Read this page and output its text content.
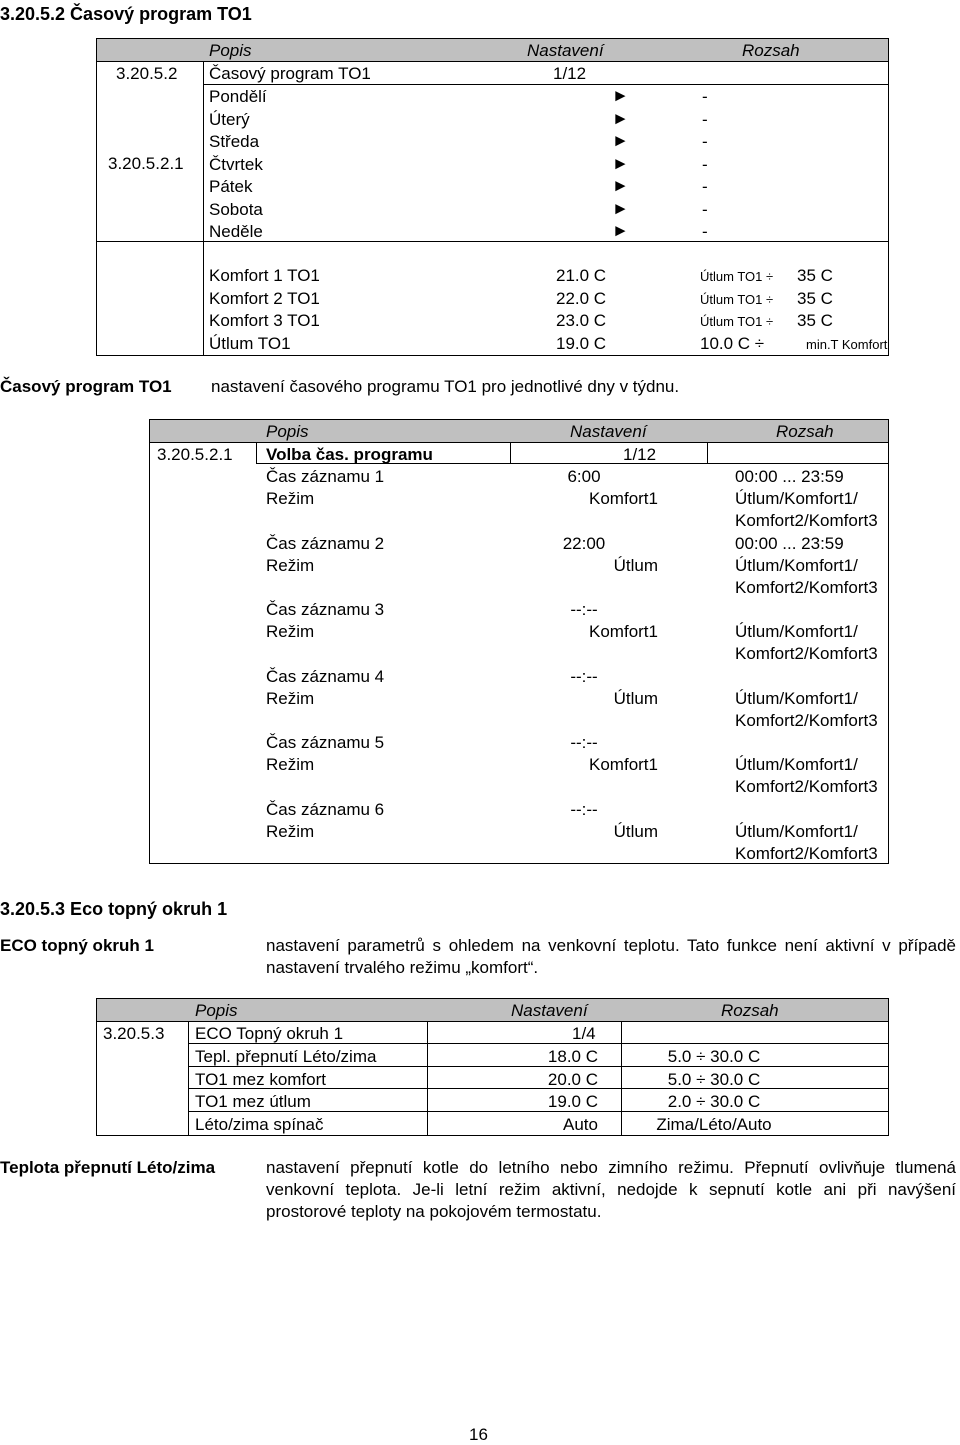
3.20.5.2 Časový program TO1
Popis	Nastavení	Rozsah
3.20.5.2 Časový program TO1	1/12
3.20.5.2.1
Pondělí	►	-
Úterý	►	-
Středa	►	-
Čtvrtek	►	-
Pátek	►	-
Sobota	►	-
Neděle	►	-
Komfort 1 TO1	21.0 C	Útlum TO1 ÷ 35 C
Komfort 2 TO1	22.0 C	Útlum TO1 ÷ 35 C
Komfort 3 TO1	23.0 C	Útlum TO1 ÷ 35 C
Útlum TO1	19.0 C	10.0 C ÷	min.T Komfort
Časový program TO1 nastavení časového programu TO1 pro jednotlivé dny v týdnu.
Popis	Nastavení	Rozsah
3.20.5.2.1 Volba čas. programu	1/12
Čas záznamu 1	6:00	00:00 ... 23:59
Režim	Komfort1	Útlum/Komfort1/
Komfort2/Komfort3
Čas záznamu 2	22:00	00:00 ... 23:59
Režim	Útlum	Útlum/Komfort1/
Komfort2/Komfort3
Čas záznamu 3	--:--
Režim	Komfort1	Útlum/Komfort1/
Komfort2/Komfort3
Čas záznamu 4	--:--
Režim	Útlum	Útlum/Komfort1/
Komfort2/Komfort3
Čas záznamu 5	--:--
Režim	Komfort1	Útlum/Komfort1/
Komfort2/Komfort3
Čas záznamu 6	--:--
Režim	Útlum	Útlum/Komfort1/
Komfort2/Komfort3
3.20.5.3 Eco topný okruh 1
ECO topný okruh 1	nastavení parametrů s ohledem na venkovní teplotu. Tato funkce není aktivní v případě nastavení trvalého režimu „komfort“.
Popis	Nastavení	Rozsah
3.20.5.3 ECO Topný okruh 1	1/4
Tepl. přepnutí Léto/zima	18.0 C	5.0 ÷ 30.0 C
TO1 mez komfort	20.0 C	5.0 ÷ 30.0 C
TO1 mez útlum	19.0 C	2.0 ÷ 30.0 C
Léto/zima spínač	Auto	Zima/Léto/Auto
Teplota přepnutí Léto/zima	nastavení přepnutí kotle do letního nebo zimního režimu. Přepnutí ovlivňuje tlumená venkovní teplota. Je-li letní režim aktivní, nedojde k sepnutí kotle ani při navýšení prostorové teploty na pokojovém termostatu.
16
